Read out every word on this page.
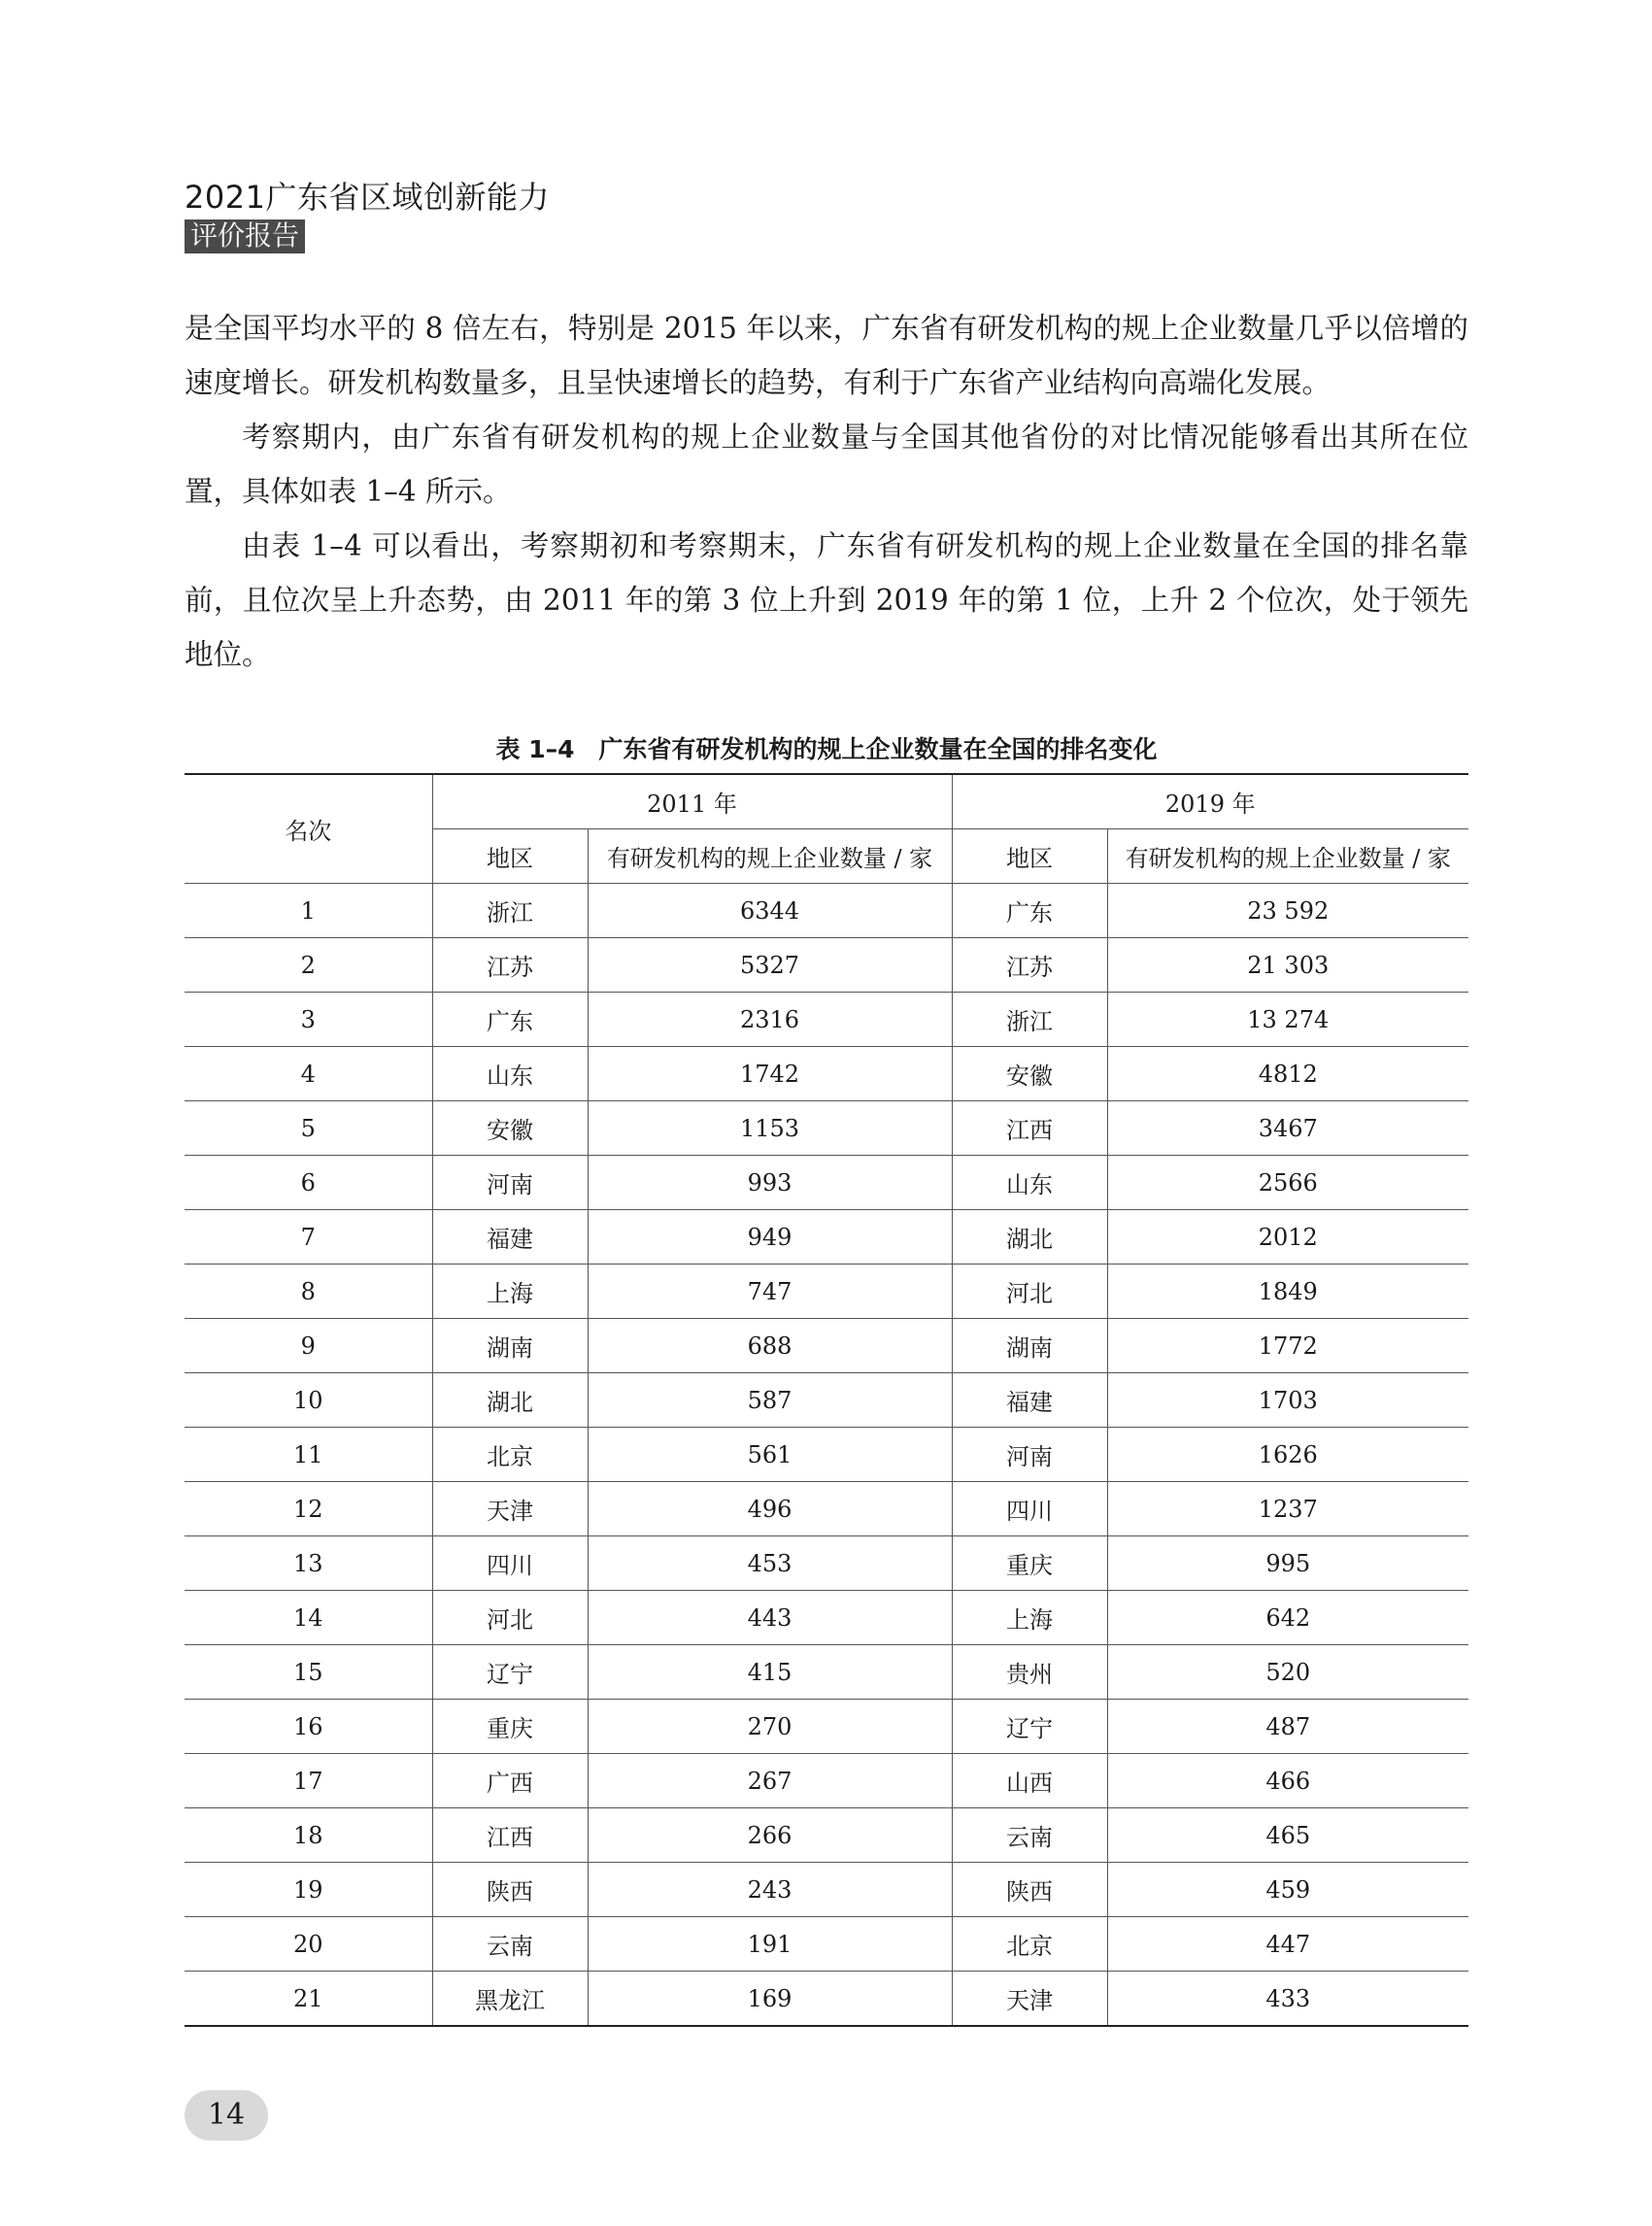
2021广东省区域创新能力
评价报告

是全国平均水平的 8 倍左右，特别是 2015 年以来，广东省有研发机构的规上企业数量几乎以倍增的速度增长。研发机构数量多，且呈快速增长的趋势，有利于广东省产业结构向高端化发展。

考察期内，由广东省有研发机构的规上企业数量与全国其他省份的对比情况能够看出其所在位置，具体如表 1–4 所示。

由表 1–4 可以看出，考察期初和考察期末，广东省有研发机构的规上企业数量在全国的排名靠前，且位次呈上升态势，由 2011 年的第 3 位上升到 2019 年的第 1 位，上升 2 个位次，处于领先地位。

表 1–4　广东省有研发机构的规上企业数量在全国的排名变化
名次	2011 年		2019 年	
	地区	有研发机构的规上企业数量 / 家	地区	有研发机构的规上企业数量 / 家
1	浙江	6344	广东	23 592
2	江苏	5327	江苏	21 303
3	广东	2316	浙江	13 274
4	山东	1742	安徽	4812
5	安徽	1153	江西	3467
6	河南	993	山东	2566
7	福建	949	湖北	2012
8	上海	747	河北	1849
9	湖南	688	湖南	1772
10	湖北	587	福建	1703
11	北京	561	河南	1626
12	天津	496	四川	1237
13	四川	453	重庆	995
14	河北	443	上海	642
15	辽宁	415	贵州	520
16	重庆	270	辽宁	487
17	广西	267	山西	466
18	江西	266	云南	465
19	陕西	243	陕西	459
20	云南	191	北京	447
21	黑龙江	169	天津	433
14
